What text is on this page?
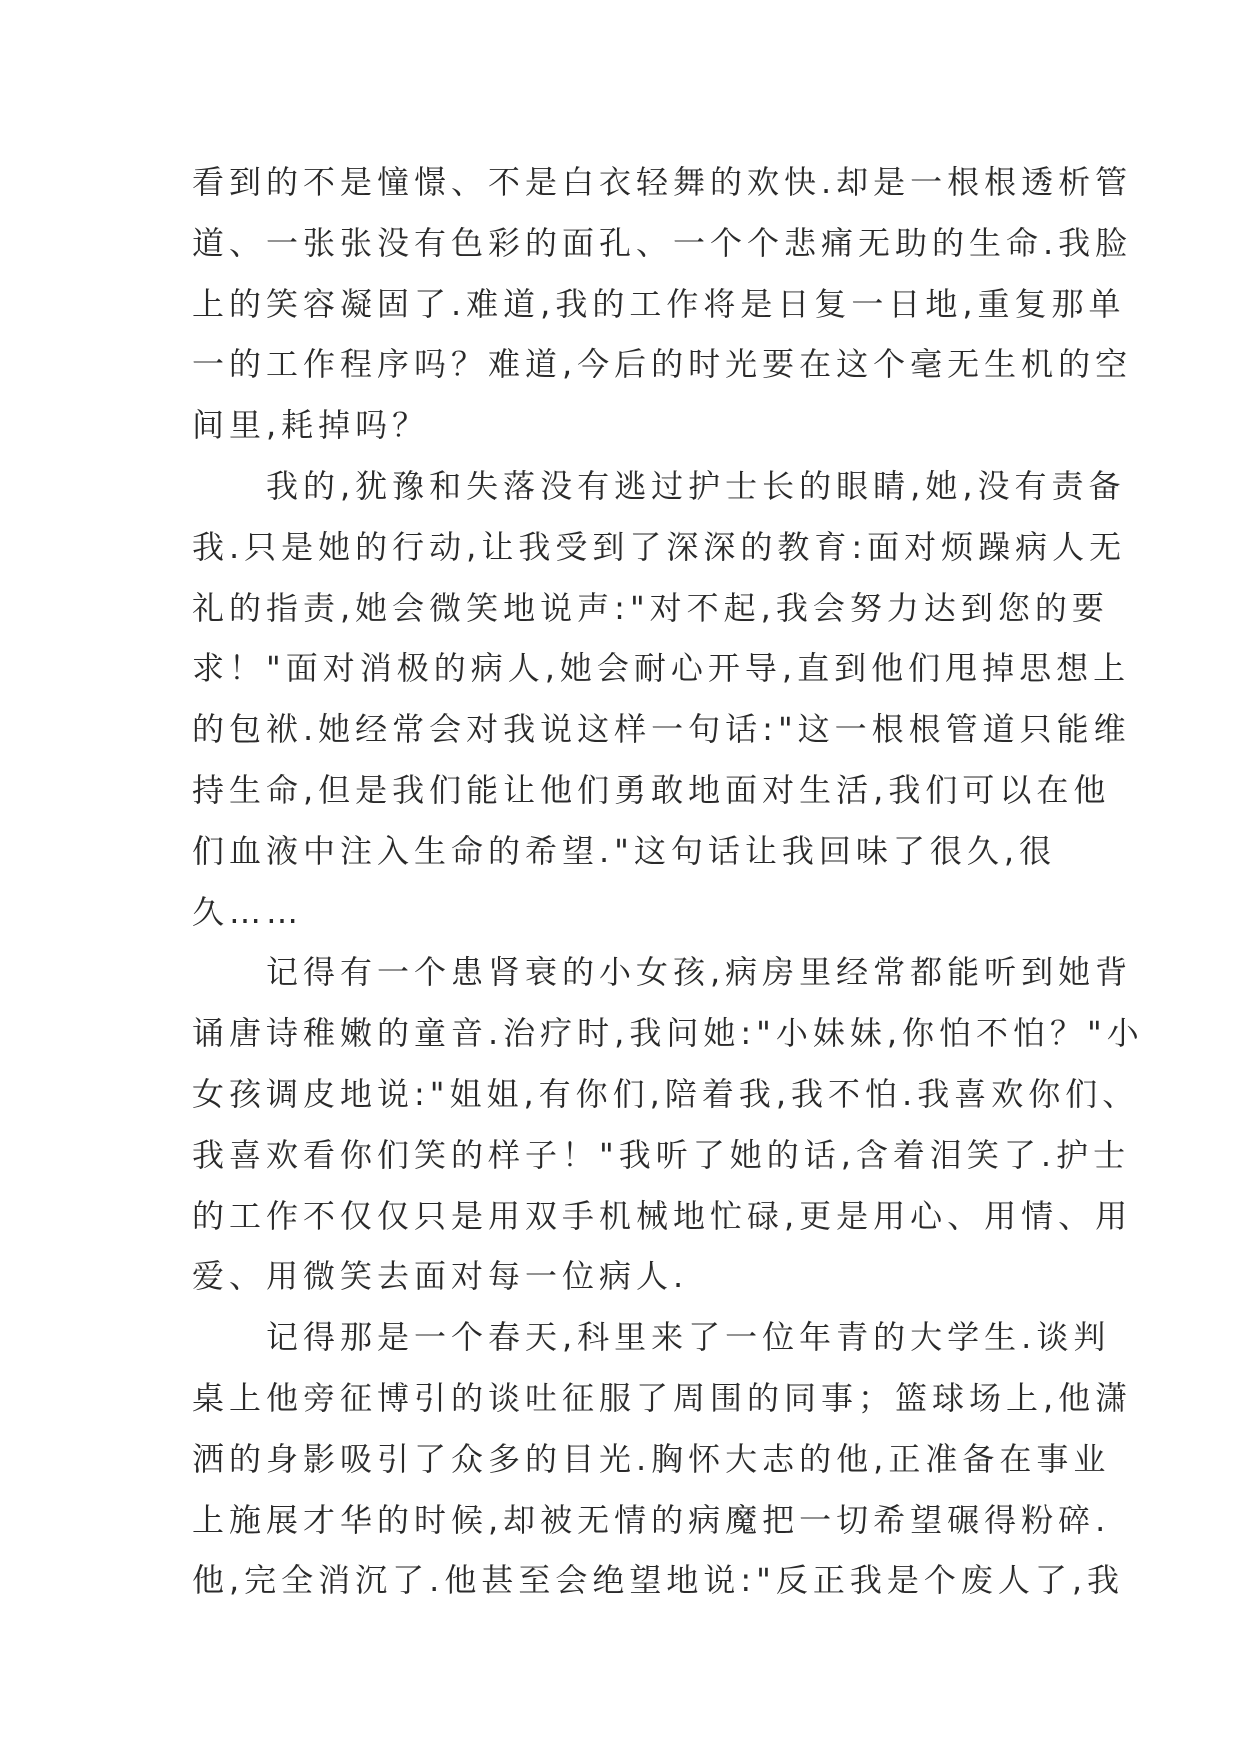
看到的不是憧憬、不是白衣轻舞的欢快.却是一根根透析管
道、一张张没有色彩的面孔、一个个悲痛无助的生命.我脸
上的笑容凝固了.难道,我的工作将是日复一日地,重复那单
一的工作程序吗？难道,今后的时光要在这个毫无生机的空
间里,耗掉吗？
　　我的,犹豫和失落没有逃过护士长的眼睛,她,没有责备
我.只是她的行动,让我受到了深深的教育:面对烦躁病人无
礼的指责,她会微笑地说声:"对不起,我会努力达到您的要
求！"面对消极的病人,她会耐心开导,直到他们甩掉思想上
的包袱.她经常会对我说这样一句话:"这一根根管道只能维
持生命,但是我们能让他们勇敢地面对生活,我们可以在他
们血液中注入生命的希望."这句话让我回味了很久,很
久……
　　记得有一个患肾衰的小女孩,病房里经常都能听到她背
诵唐诗稚嫩的童音.治疗时,我问她:"小妹妹,你怕不怕？"小
女孩调皮地说:"姐姐,有你们,陪着我,我不怕.我喜欢你们、
我喜欢看你们笑的样子！"我听了她的话,含着泪笑了.护士
的工作不仅仅只是用双手机械地忙碌,更是用心、用情、用
爱、用微笑去面对每一位病人.
　　记得那是一个春天,科里来了一位年青的大学生.谈判
桌上他旁征博引的谈吐征服了周围的同事；篮球场上,他潇
洒的身影吸引了众多的目光.胸怀大志的他,正准备在事业
上施展才华的时候,却被无情的病魔把一切希望碾得粉碎.
他,完全消沉了.他甚至会绝望地说:"反正我是个废人了,我
